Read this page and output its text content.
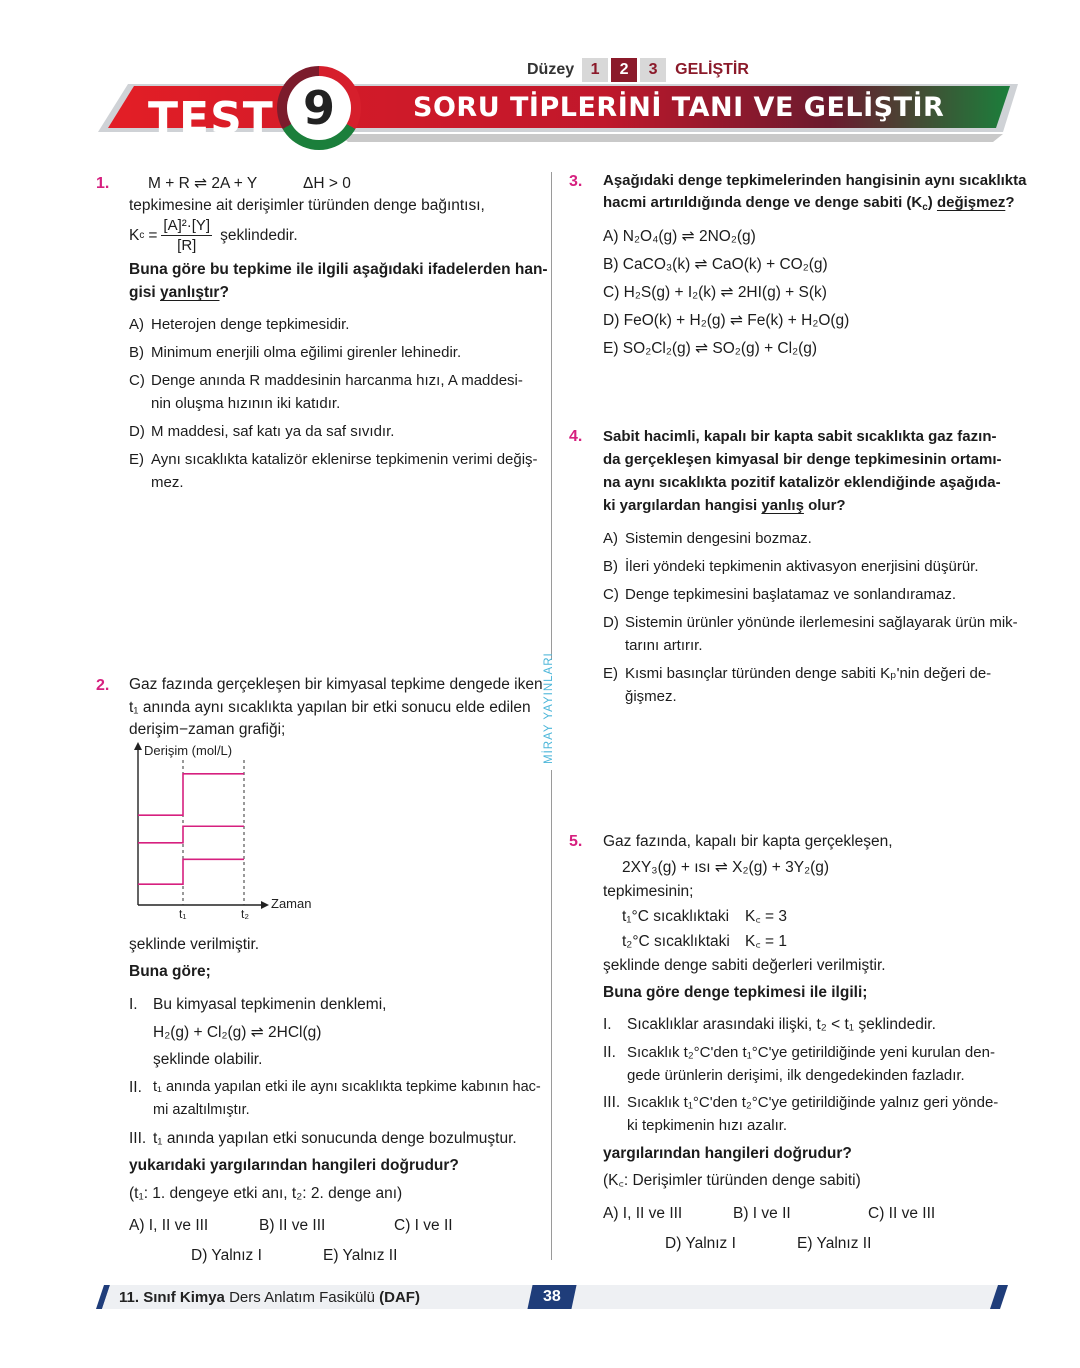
Düzey	1	2	3	GELİŞTİR
TEST 9	SORU TİPLERİNİ TANI VE GELİŞTİR
1. M + R ⇌ 2A + Y	ΔH > 0
tepkimesine ait derişimler türünden denge bağıntısı,
K $c = \frac{\text{[A]²·[Y]}}{[R]}$ şeklindedir.
Buna göre bu tepkime ile ilgili aşağıdaki ifadelerden han-
gisi yanlıştır?
A) Heterojen denge tepkimesidir.
B) Minimum enerjili olma eğilimi girenler lehinedir.
C) Denge anında R maddesinin harcanma hızı, A maddesi-
nin oluşma hızının iki katıdır.
D) M maddesi, saf katı ya da saf sıvıdır.
E) Aynı sıcaklıkta katalizör eklenirse tepkimenin verimi değiş-
mez.
2. Gaz fazında gerçekleşen bir kimyasal tepkime dengede iken
t₁ anında aynı sıcaklıkta yapılan bir etki sonucu elde edilen
derişim−zaman grafiği;
Derişim (mol/L)
Zaman
t₁	t₂
şeklinde verilmiştir.
Buna göre;
I. Bu kimyasal tepkimenin denklemi,
H₂(g) + Cl₂(g) ⇌ 2HCl(g)
şeklinde olabilir.
II. t₁ anında yapılan etki ile aynı sıcaklıkta tepkime kabının hac-
mi azaltılmıştır.
III. t₁ anında yapılan etki sonucunda denge bozulmuştur.
yukarıdaki yargılarından hangileri doğrudur?
(t₁: 1. dengeye etki anı, t₂: 2. denge anı)
A) I, II ve III	B) II ve III	C) I ve II
D) Yalnız I	E) Yalnız II
MİRAY YAYINLARI
3. Aşağıdaki denge tepkimelerinden hangisinin aynı sıcaklıkta
hacmi artırıldığında denge ve denge sabiti $(K_c)$ değişmez?
A) N₂O₄(g) ⇌ 2NO₂(g)
B) CaCO₃(k) ⇌ CaO(k) + CO₂(g)
C) H₂S(g) + I₂(k) ⇌ 2HI(g) + S(k)
D) FeO(k) + H₂(g) ⇌ Fe(k) + H₂O(g)
E) SO₂Cl₂(g) ⇌ SO₂(g) + Cl₂(g)
4. Sabit hacimli, kapalı bir kapta sabit sıcaklıkta gaz fazın-
da gerçekleşen kimyasal bir denge tepkimesinin ortamı-
na aynı sıcaklıkta pozitif katalizör eklendiğinde aşağıda-
ki yargılardan hangisi yanlış olur?
A) Sistemin dengesini bozmaz.
B) İleri yöndeki tepkimenin aktivasyon enerjisini düşürür.
C) Denge tepkimesini başlatamaz ve sonlandıramaz.
D) Sistemin ürünler yönünde ilerlemesini sağlayarak ürün mik-
tarını artırır.
E) Kısmi basınçlar türünden denge sabiti Kₚ'nin değeri de-
ğişmez.
5. Gaz fazında, kapalı bir kapta gerçekleşen,
2XY₃(g) + ısı ⇌ X₂(g) + 3Y₂(g)
tepkimesinin;
t₁°C sıcaklıktaki K꜀ = 3
t₂°C sıcaklıktaki K꜀ = 1
şeklinde denge sabiti değerleri verilmiştir.
Buna göre denge tepkimesi ile ilgili;
I. Sıcaklıklar arasındaki ilişki, t₂ < t₁ şeklindedir.
II. Sıcaklık t₂°C'den t₁°C'ye getirildiğinde yeni kurulan den-
gede ürünlerin derişimi, ilk dengedekinden fazladır.
III. Sıcaklık t₁°C'den t₂°C'ye getirildiğinde yalnız geri yönde-
ki tepkimenin hızı azalır.
yargılarından hangileri doğrudur?
(K꜀: Derişimler türünden denge sabiti)
A) I, II ve III	B) I ve II	C) II ve III
D) Yalnız I	E) Yalnız II
11. Sınıf Kimya Ders Anlatım Fasikülü (DAF)	38
